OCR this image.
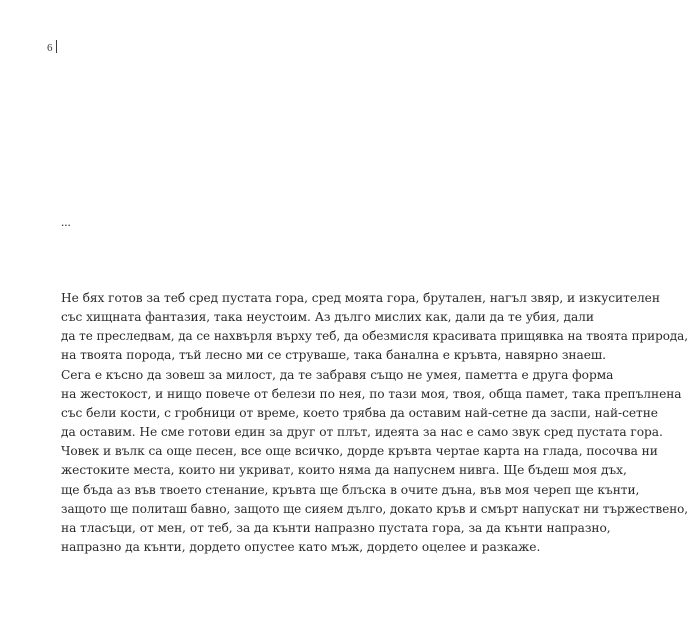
6
...
Не бях готов за теб сред пустата гора, сред моята гора, брутален, нагъл звяр, и изкусителен
със хищната фантазия, така неустоим. Аз дълго мислих как, дали да те убия, дали
да те преследвам, да се нахвърля върху теб, да обезмисля красивата прищявка на твоята природа,
на твоята порода, тъй лесно ми се струваше, така банална е кръвта, навярно знаеш.
Сега е късно да зовеш за милост, да те забравя също не умея, паметта е друга форма
на жестокост, и нищо повече от белези по нея, по тази моя, твоя, обща памет, така препълнена
със бели кости, с гробници от време, което трябва да оставим най-сетне да заспи, най-сетне
да оставим. Не сме готови един за друг от плът, идеята за нас е само звук сред пустата гора.
Човек и вълк са още песен, все още всичко, дорде кръвта чертае карта на глада, посочва ни
жестоките места, които ни укриват, които няма да напуснем нивга. Ще бъдеш моя дъх,
ще бъда аз във твоето стенание, кръвта ще блъска в очите дъна, във моя череп ще кънти,
защото ще политаш бавно, защото ще сияем дълго, докато кръв и смърт напускат ни тържествено,
на тласъци, от мен, от теб, за да кънти напразно пустата гора, за да кънти напразно,
напразно да кънти, дордето опустее като мъж, дордето оцелее и разкаже.
